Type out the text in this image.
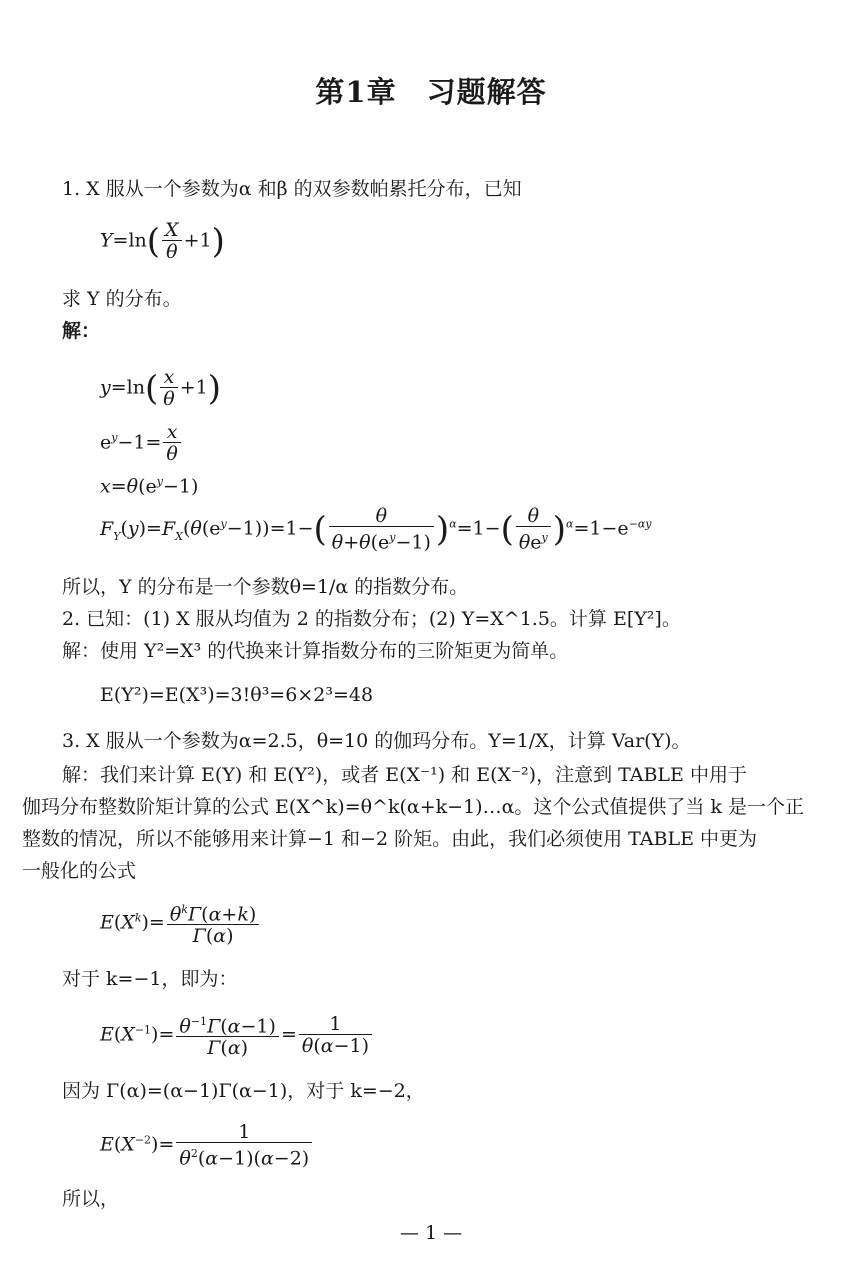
第1章　习题解答
1. X 服从一个参数为α 和β 的双参数帕累托分布，已知
$Y=\ln( \frac{X}{\theta} +1)$
求 Y 的分布。
解：
$y=\ln( \frac{x}{\theta} +1)$
$e^y-1= \frac{x}{\theta}$
$x=\theta(e^y-1)$
$F_Y(y)=F_X(\theta(e^y-1))=1-( \frac{\theta}{\theta+\theta(e^y-1)} )^\alpha=1-( \frac{\theta}{\theta e^y} )^\alpha=1-e^{-\alpha y}$
所以，Y 的分布是一个参数θ=1/α 的指数分布。
2. 已知：(1) X 服从均值为 2 的指数分布；(2) Y=X^1.5。计算 E[Y²]。
解：使用 Y²=X³ 的代换来计算指数分布的三阶矩更为简单。
E(Y²)=E(X³)=3!θ³=6×2³=48
3. X 服从一个参数为α=2.5，θ=10 的伽玛分布。Y=1/X，计算 Var(Y)。
解：我们来计算 E(Y) 和 E(Y²)，或者 E(X⁻¹) 和 E(X⁻²)，注意到 TABLE 中用于
伽玛分布整数阶矩计算的公式 E(X^k)=θ^k(α+k−1)…α。这个公式值提供了当 k 是一个正
整数的情况，所以不能够用来计算−1 和−2 阶矩。由此，我们必须使用 TABLE 中更为
一般化的公式
$E(X^k)= \frac{\theta^k\Gamma(\alpha+k)}{\Gamma(\alpha)}$
对于 k=−1，即为：
$E(X^{-1})= \frac{\theta^{-1}\Gamma(\alpha-1)}{\Gamma(\alpha)} = \frac{1}{\theta(\alpha-1)}$
因为 Γ(α)=(α−1)Γ(α−1)，对于 k=−2，
$E(X^{-2})= \frac{1}{\theta^2(\alpha-1)(\alpha-2)}$
所以，
— 1 —
